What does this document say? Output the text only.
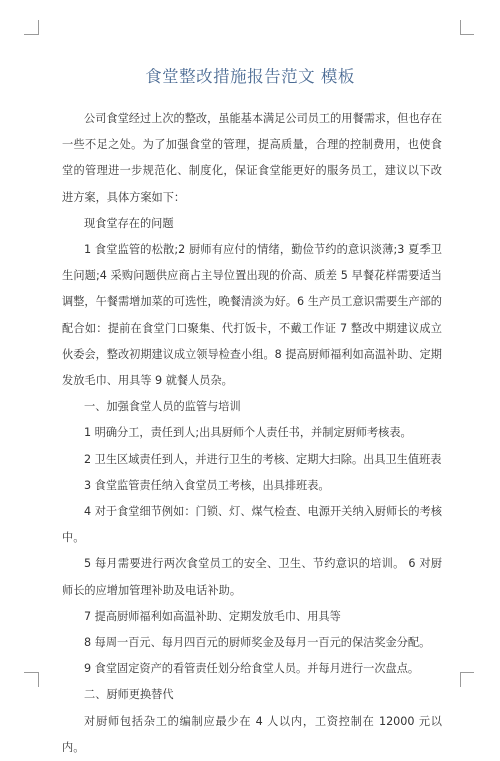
食堂整改措施报告范文 模板

公司食堂经过上次的整改，虽能基本满足公司员工的用餐需求，但也存在一些不足之处。为了加强食堂的管理，提高质量，合理的控制费用，也使食堂的管理进一步规范化、制度化，保证食堂能更好的服务员工，建议以下改进方案，具体方案如下：

现食堂存在的问题

1 食堂监管的松散;2 厨师有应付的情绪，勤俭节约的意识淡薄;3 夏季卫生问题;4 采购问题供应商占主导位置出现的价高、质差 5 早餐花样需要适当调整，午餐需增加菜的可选性，晚餐清淡为好。6 生产员工意识需要生产部的配合如：提前在食堂门口聚集、代打饭卡，不戴工作证 7 整改中期建议成立伙委会，整改初期建议成立领导检查小组。8 提高厨师福利如高温补助、定期发放毛巾、用具等 9 就餐人员杂。

一、加强食堂人员的监管与培训

1 明确分工，责任到人;出具厨师个人责任书，并制定厨师考核表。

2 卫生区域责任到人，并进行卫生的考核、定期大扫除。出具卫生值班表

3 食堂监管责任纳入食堂员工考核，出具排班表。

4 对于食堂细节例如：门锁、灯、煤气检查、电源开关纳入厨师长的考核中。

5 每月需要进行两次食堂员工的安全、卫生、节约意识的培训。 6 对厨师长的应增加管理补助及电话补助。

7 提高厨师福利如高温补助、定期发放毛巾、用具等

8 每周一百元、每月四百元的厨师奖金及每月一百元的保洁奖金分配。

9 食堂固定资产的看管责任划分给食堂人员。并每月进行一次盘点。

二、厨师更换替代

对厨师包括杂工的编制应最少在 4 人以内，工资控制在 12000 元以内。
